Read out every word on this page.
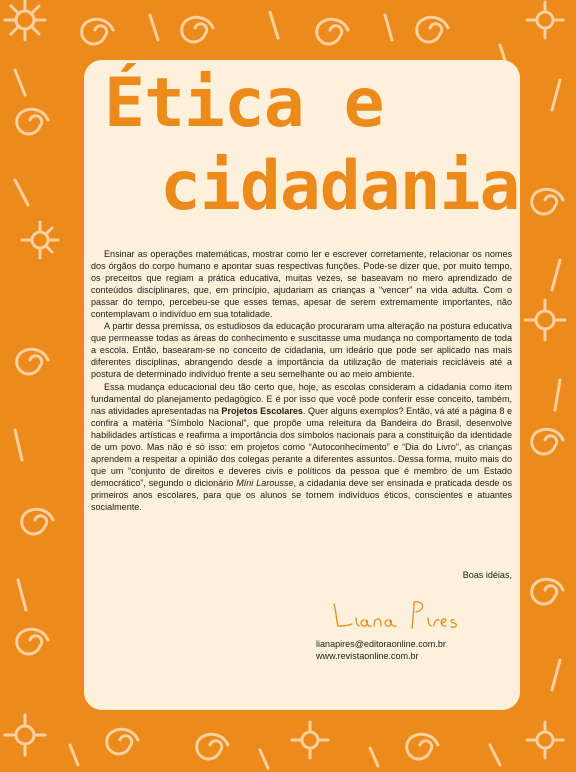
Ética e
cidadania

Ensinar as operações matemáticas, mostrar como ler e escrever corretamente, relacionar os nomes dos órgãos do corpo humano e apontar suas respectivas funções. Pode-se dizer que, por muito tempo, os preceitos que regiam a prática educativa, muitas vezes, se baseavam no mero aprendizado de conteúdos disciplinares, que, em princípio, ajudariam as crianças a “vencer” na vida adulta. Com o passar do tempo, percebeu-se que esses temas, apesar de serem extremamente importantes, não contemplavam o indivíduo em sua totalidade.

A partir dessa premissa, os estudiosos da educação procuraram uma alteração na postura educativa que permeasse todas as áreas do conhecimento e suscitasse uma mudança no comportamento de toda a escola. Então, basearam-se no conceito de cidadania, um ideário que pode ser aplicado nas mais diferentes disciplinas, abrangendo desde a importância da utilização de materiais recicláveis até a postura de determinado indivíduo frente a seu semelhante ou ao meio ambiente.

Essa mudança educacional deu tão certo que, hoje, as escolas consideram a cidadania como item fundamental do planejamento pedagógico. E é por isso que você pode conferir esse conceito, também, nas atividades apresentadas na Projetos Escolares. Quer alguns exemplos? Então, vá até a página 8 e confira a matéria “Símbolo Nacional”, que propõe uma releitura da Bandeira do Brasil, desenvolve habilidades artísticas e reafirma a importância dos símbolos nacionais para a constituição da identidade de um povo. Mas não é só isso: em projetos como “Autoconhecimento” e “Dia do Livro”, as crianças aprendem a respeitar a opinião dos colegas perante a diferentes assuntos. Dessa forma, muito mais do que um “conjunto de direitos e deveres civis e políticos da pessoa que é membro de um Estado democrático”, segundo o dicionário Míni Larousse, a cidadania deve ser ensinada e praticada desde os primeiros anos escolares, para que os alunos se tornem indivíduos éticos, conscientes e atuantes socialmente.

Boas idéias,
lianapires@editoraonline.com.br
www.revistaonline.com.br
